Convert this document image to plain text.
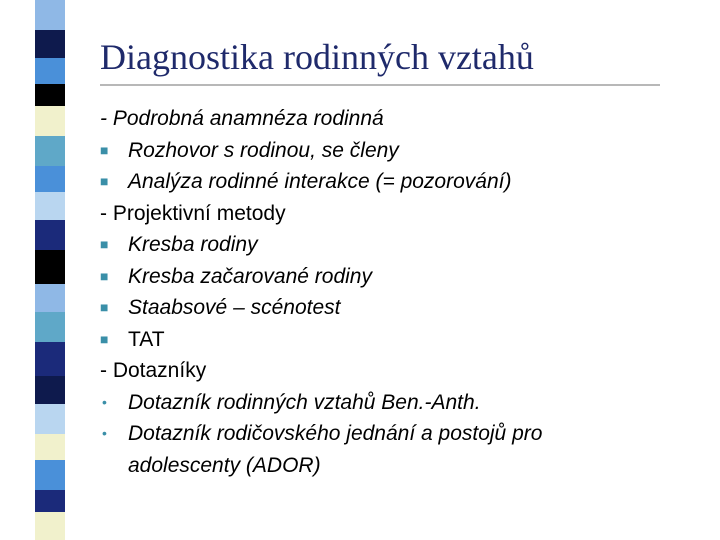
Diagnostika rodinných vztahů
- Podrobná anamnéza rodinná
■ Rozhovor s rodinou, se členy
■ Analýza rodinné interakce (= pozorování)
- Projektivní metody
■ Kresba rodiny
■ Kresba začarované rodiny
■ Staabsové – scénotest
■ TAT
- Dotazníky
•	Dotazník rodinných vztahů Ben.-Anth.
•	Dotazník rodičovského jednání a postojů pro adolescenty (ADOR)
